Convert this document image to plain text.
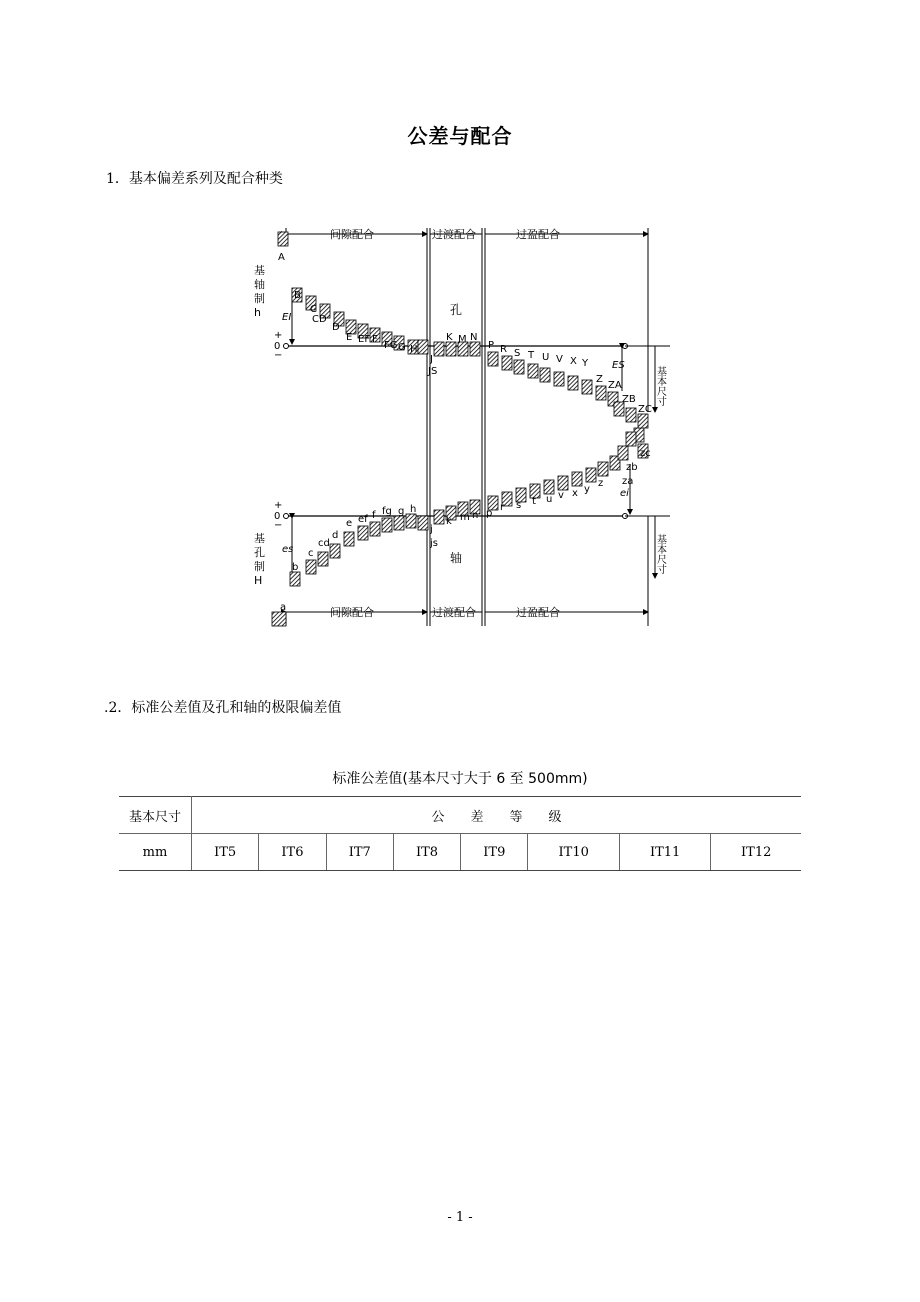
公差与配合
1．基本偏差系列及配合种类
间隙配合	过渡配合	过盈配合
间隙配合	过渡配合	过盈配合
基
轴
制
h
基
孔
制
H
孔
轴
EI
ES
es
ei
基本尺寸
基本尺寸
+
0
−
+
0
−
A
B
C
CD
D
E EF F
FG G H
J
JS
K M N
P R S T U V X Y
Z
ZA
ZB
ZC
a
b
c
cd
d
e ef f fg g h
j
js
k m n p
r s t u v x y
z za
zb
zc
.2．标准公差值及孔和轴的极限偏差值
标准公差值(基本尺寸大于 6 至 500mm)
基本尺寸	公　　差　　等　　级							
mm	IT5	IT6	IT7	IT8	IT9	IT10	IT11	IT12
- 1 -
